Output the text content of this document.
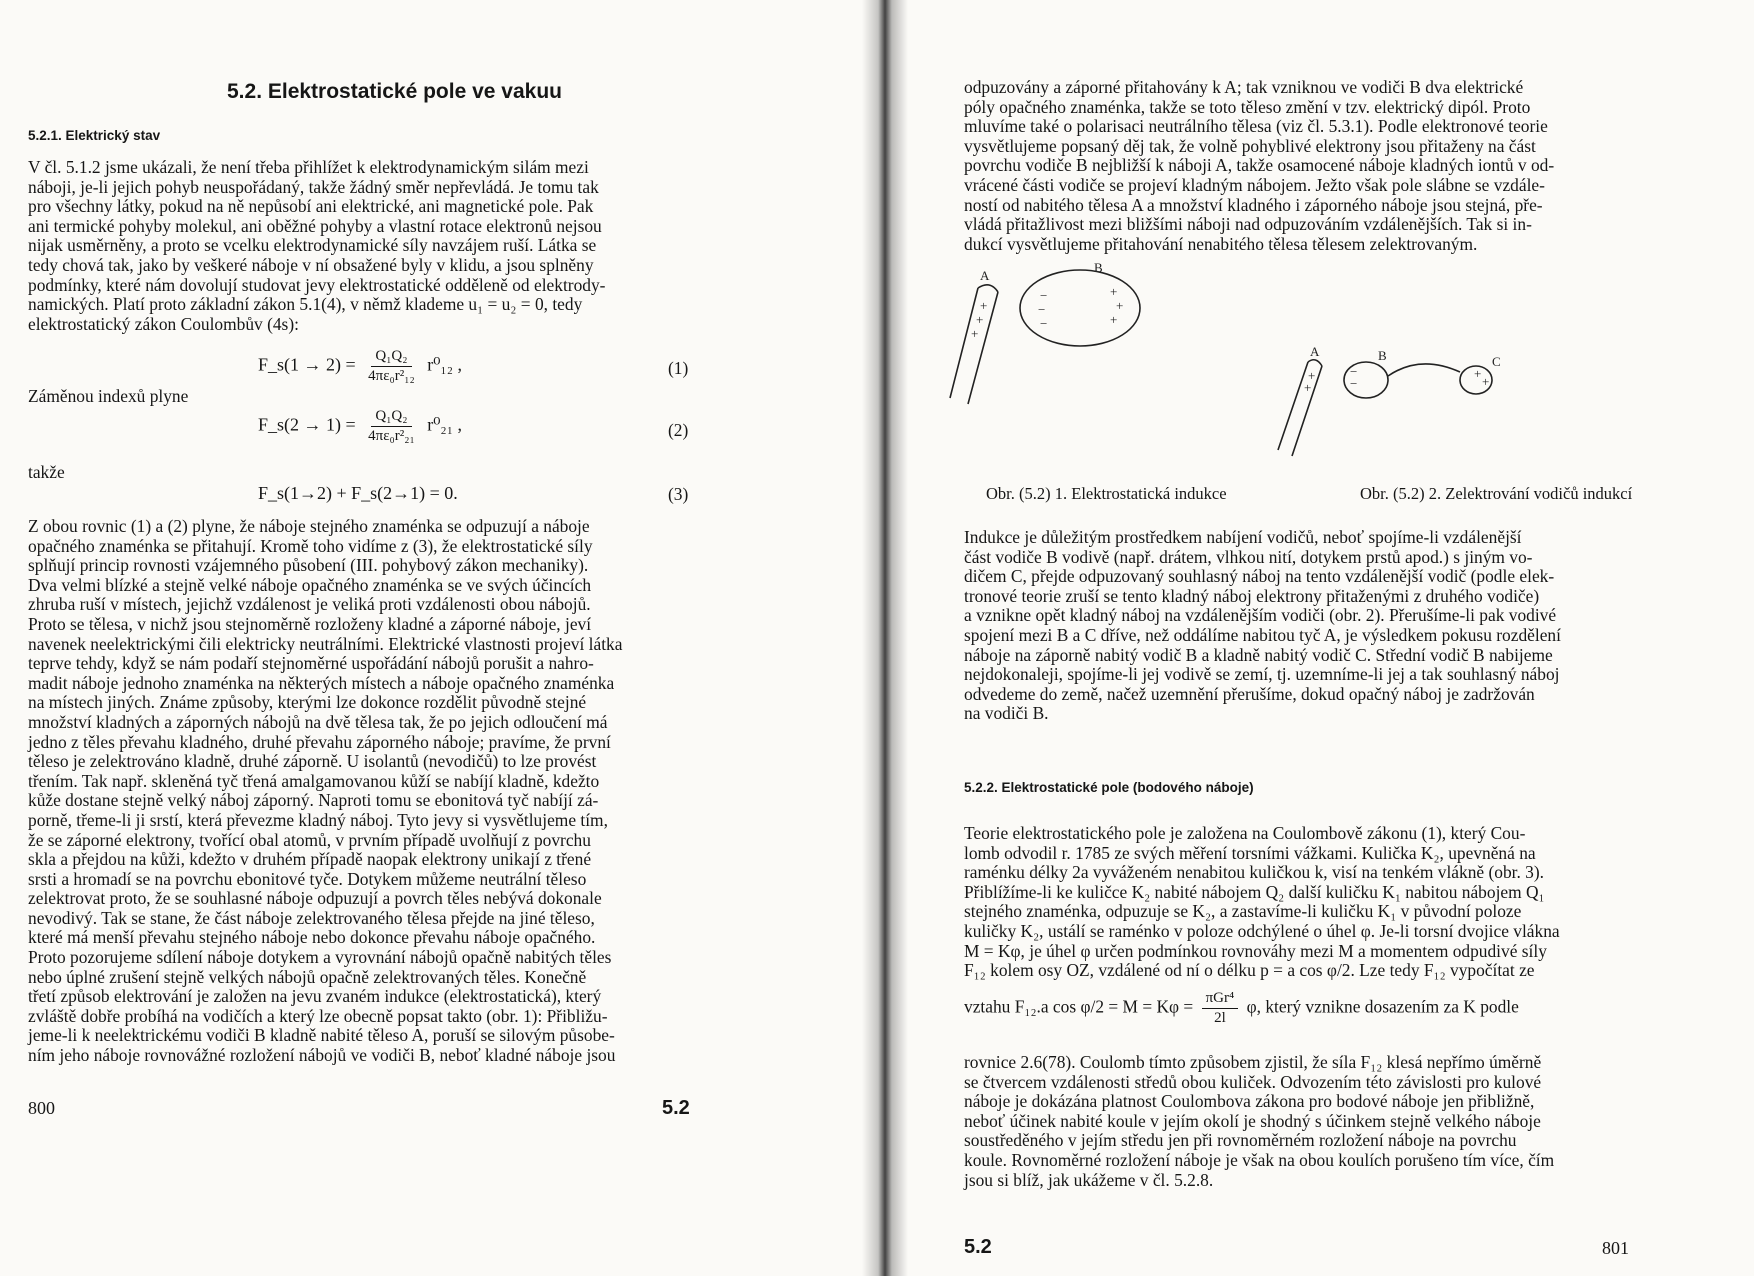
5.2. Elektrostatické pole ve vakuu
5.2.1. Elektrický stav
V čl. 5.1.2 jsme ukázali, že není třeba přihlížet k elektrodynamickým silám mezi
náboji, je-li jejich pohyb neuspořádaný, takže žádný směr nepřevládá. Je tomu tak
pro všechny látky, pokud na ně nepůsobí ani elektrické, ani magnetické pole. Pak
ani termické pohyby molekul, ani oběžné pohyby a vlastní rotace elektronů nejsou
nijak usměrněny, a proto se vcelku elektrodynamické síly navzájem ruší. Látka se
tedy chová tak, jako by veškeré náboje v ní obsažené byly v klidu, a jsou splněny
podmínky, které nám dovolují studovat jevy elektrostatické odděleně od elektrody-
namických. Platí proto základní zákon 5.1(4), v němž klademe u₁ = u₂ = 0, tedy
elektrostatický zákon Coulombův (4s):
F_s(1 → $2) = \frac{\text{Q₁Q₂}}{\text{4πε₀r²₁₂}} r^0_{12}$ ,	(1)
Záměnou indexů plyne
F_s(2 → $1) = \frac{\text{Q₁Q₂}}{\text{4πε₀r²₂₁}} r^0_{21}$ ,	(2)
takže
F_s(1→2) + F_s(2→1) = 0.	(3)
Z obou rovnic (1) a (2) plyne, že náboje stejného znaménka se odpuzují a náboje
opačného znaménka se přitahují. Kromě toho vidíme z (3), že elektrostatické síly
splňují princip rovnosti vzájemného působení (III. pohybový zákon mechaniky).
Dva velmi blízké a stejně velké náboje opačného znaménka se ve svých účincích
zhruba ruší v místech, jejichž vzdálenost je veliká proti vzdálenosti obou nábojů.
Proto se tělesa, v nichž jsou stejnoměrně rozloženy kladné a záporné náboje, jeví
navenek neelektrickými čili elektricky neutrálními. Elektrické vlastnosti projeví látka
teprve tehdy, když se nám podaří stejnoměrné uspořádání nábojů porušit a nahro-
madit náboje jednoho znaménka na některých místech a náboje opačného znaménka
na místech jiných. Známe způsoby, kterými lze dokonce rozdělit původně stejné
množství kladných a záporných nábojů na dvě tělesa tak, že po jejich odloučení má
jedno z těles převahu kladného, druhé převahu záporného náboje; pravíme, že první
těleso je zelektrováno kladně, druhé záporně. U isolantů (nevodičů) to lze provést
třením. Tak např. skleněná tyč třená amalgamovanou kůží se nabíjí kladně, kdežto
kůže dostane stejně velký náboj záporný. Naproti tomu se ebonitová tyč nabíjí zá-
porně, třeme-li ji srstí, která převezme kladný náboj. Tyto jevy si vysvětlujeme tím,
že se záporné elektrony, tvořící obal atomů, v prvním případě uvolňují z povrchu
skla a přejdou na kůži, kdežto v druhém případě naopak elektrony unikají z třené
srsti a hromadí se na povrchu ebonitové tyče. Dotykem můžeme neutrální těleso
zelektrovat proto, že se souhlasné náboje odpuzují a povrch těles nebývá dokonale
nevodivý. Tak se stane, že část náboje zelektrovaného tělesa přejde na jiné těleso,
které má menší převahu stejného náboje nebo dokonce převahu náboje opačného.
Proto pozorujeme sdílení náboje dotykem a vyrovnání nábojů opačně nabitých těles
nebo úplné zrušení stejně velkých nábojů opačně zelektrovaných těles. Konečně
třetí způsob elektrování je založen na jevu zvaném indukce (elektrostatická), který
zvláště dobře probíhá na vodičích a který lze obecně popsat takto (obr. 1): Přibližu-
jeme-li k neelektrickému vodiči B kladně nabité těleso A, poruší se silovým působe-
ním jeho náboje rovnovážné rozložení nábojů ve vodiči B, neboť kladné náboje jsou
800	5.2
odpuzovány a záporné přitahovány k A; tak vzniknou ve vodiči B dva elektrické
póly opačného znaménka, takže se toto těleso změní v tzv. elektrický dipól. Proto
mluvíme také o polarisaci neutrálního tělesa (viz čl. 5.3.1). Podle elektronové teorie
vysvětlujeme popsaný děj tak, že volně pohyblivé elektrony jsou přitaženy na část
povrchu vodiče B nejbližší k náboji A, takže osamocené náboje kladných iontů v od-
vrácené části vodiče se projeví kladným nábojem. Ježto však pole slábne se vzdále-
ností od nabitého tělesa A a množství kladného i záporného náboje jsou stejná, pře-
vládá přitažlivost mezi bližšími náboji nad odpuzováním vzdálenějších. Tak si in-
dukcí vysvětlujeme přitahování nenabitého tělesa tělesem zelektrovaným.
+
+
+
−
−
−
+
+
+
A
B
+
+
−
−
+
+
A	B	C
Obr. (5.2) 1. Elektrostatická indukce	Obr. (5.2) 2. Zelektrování vodičů indukcí
Indukce je důležitým prostředkem nabíjení vodičů, neboť spojíme-li vzdálenější
část vodiče B vodivě (např. drátem, vlhkou nití, dotykem prstů apod.) s jiným vo-
dičem C, přejde odpuzovaný souhlasný náboj na tento vzdálenější vodič (podle elek-
tronové teorie zruší se tento kladný náboj elektrony přitaženými z druhého vodiče)
a vznikne opět kladný náboj na vzdálenějším vodiči (obr. 2). Přerušíme-li pak vodivé
spojení mezi B a C dříve, než oddálíme nabitou tyč A, je výsledkem pokusu rozdělení
náboje na záporně nabitý vodič B a kladně nabitý vodič C. Střední vodič B nabijeme
nejdokonaleji, spojíme-li jej vodivě se zemí, tj. uzemníme-li jej a tak souhlasný náboj
odvedeme do země, načež uzemnění přerušíme, dokud opačný náboj je zadržován
na vodiči B.
5.2.2. Elektrostatické pole (bodového náboje)
Teorie elektrostatického pole je založena na Coulombově zákonu (1), který Cou-
lomb odvodil r. 1785 ze svých měření torsními vážkami. Kulička K₂, upevněná na
raménku délky 2a vyváženém nenabitou kuličkou k, visí na tenkém vlákně (obr. 3).
Přiblížíme-li ke kuličce K₂ nabité nábojem Q₂ další kuličku K₁ nabitou nábojem Q₁
stejného znaménka, odpuzuje se K₂, a zastavíme-li kuličku K₁ v původní poloze
kuličky K₂, ustálí se raménko v poloze odchýlené o úhel φ. Je-li torsní dvojice vlákna
M = Kφ, je úhel φ určen podmínkou rovnováhy mezi M a momentem odpudivé síly
F₁₂ kolem osy OZ, vzdálené od ní o délku p = a cos φ/2. Lze tedy F₁₂ vypočítat ze
vztahu F₁₂.a $\cos \varphi/2 = M = K\varphi = \frac{\text{πGr⁴}}{2l} \varphi$, který vznikne dosazením za K podle
rovnice 2.6(78). Coulomb tímto způsobem zjistil, že síla F₁₂ klesá nepřímo úměrně
se čtvercem vzdálenosti středů obou kuliček. Odvozením této závislosti pro kulové
náboje je dokázána platnost Coulombova zákona pro bodové náboje jen přibližně,
neboť účinek nabité koule v jejím okolí je shodný s účinkem stejně velkého náboje
soustředěného v jejím středu jen při rovnoměrném rozložení náboje na povrchu
koule. Rovnoměrné rozložení náboje je však na obou koulích porušeno tím více, čím
jsou si blíž, jak ukážeme v čl. 5.2.8.
5.2	801
